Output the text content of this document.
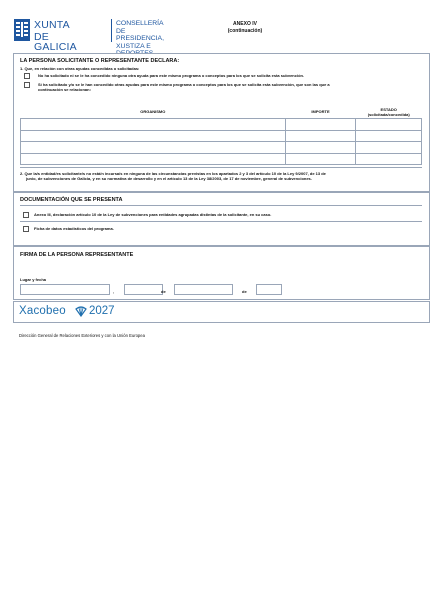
XUNTA
DE GALICIA
CONSELLERÍA DE
PRESIDENCIA,
XUSTIZA E
ANEXO IV
(continuación)
LA PERSONA SOLICITANTE O REPRESENTANTE DECLARA:
1. Que, en relación con otras ayudas concedidas o solicitadas:
No ha solicitado ni se le ha concedido ninguna otra ayuda para este mismo programa o conceptos para los que se solicita esta subvención.
Sí ha solicitado y/o se le han concedido otras ayudas para este mismo programa o conceptos para los que se solicita esta subvención, que son las que a
continuación se relacionan:
ORGANISMO	IMPORTE	ESTADO
(solicitada/concedida)

2. Que la/s entidad/es solicitante/s no está/n incursa/s en ninguna de las circunstancias previstas en los apartados 2 y 3 del artículo 10 de la Ley 9/2007, de 13 de
junio, de subvenciones de Galicia, y en su normativa de desarrollo y en el artículo 13 de la Ley 38/2003, de 17 de noviembre, general de subvenciones.
DOCUMENTACIÓN QUE SE PRESENTA
Anexo III, declaración artículo 10 de la Ley de subvenciones para entidades agrupadas distintas de la solicitante, en su caso.
Ficha de datos estadísticos del programa.
FIRMA DE LA PERSONA REPRESENTANTE
Lugar y fecha
,	de	de
Xacobeo 2027
Dirección General de Relaciones Exteriores y con la Unión Europea
